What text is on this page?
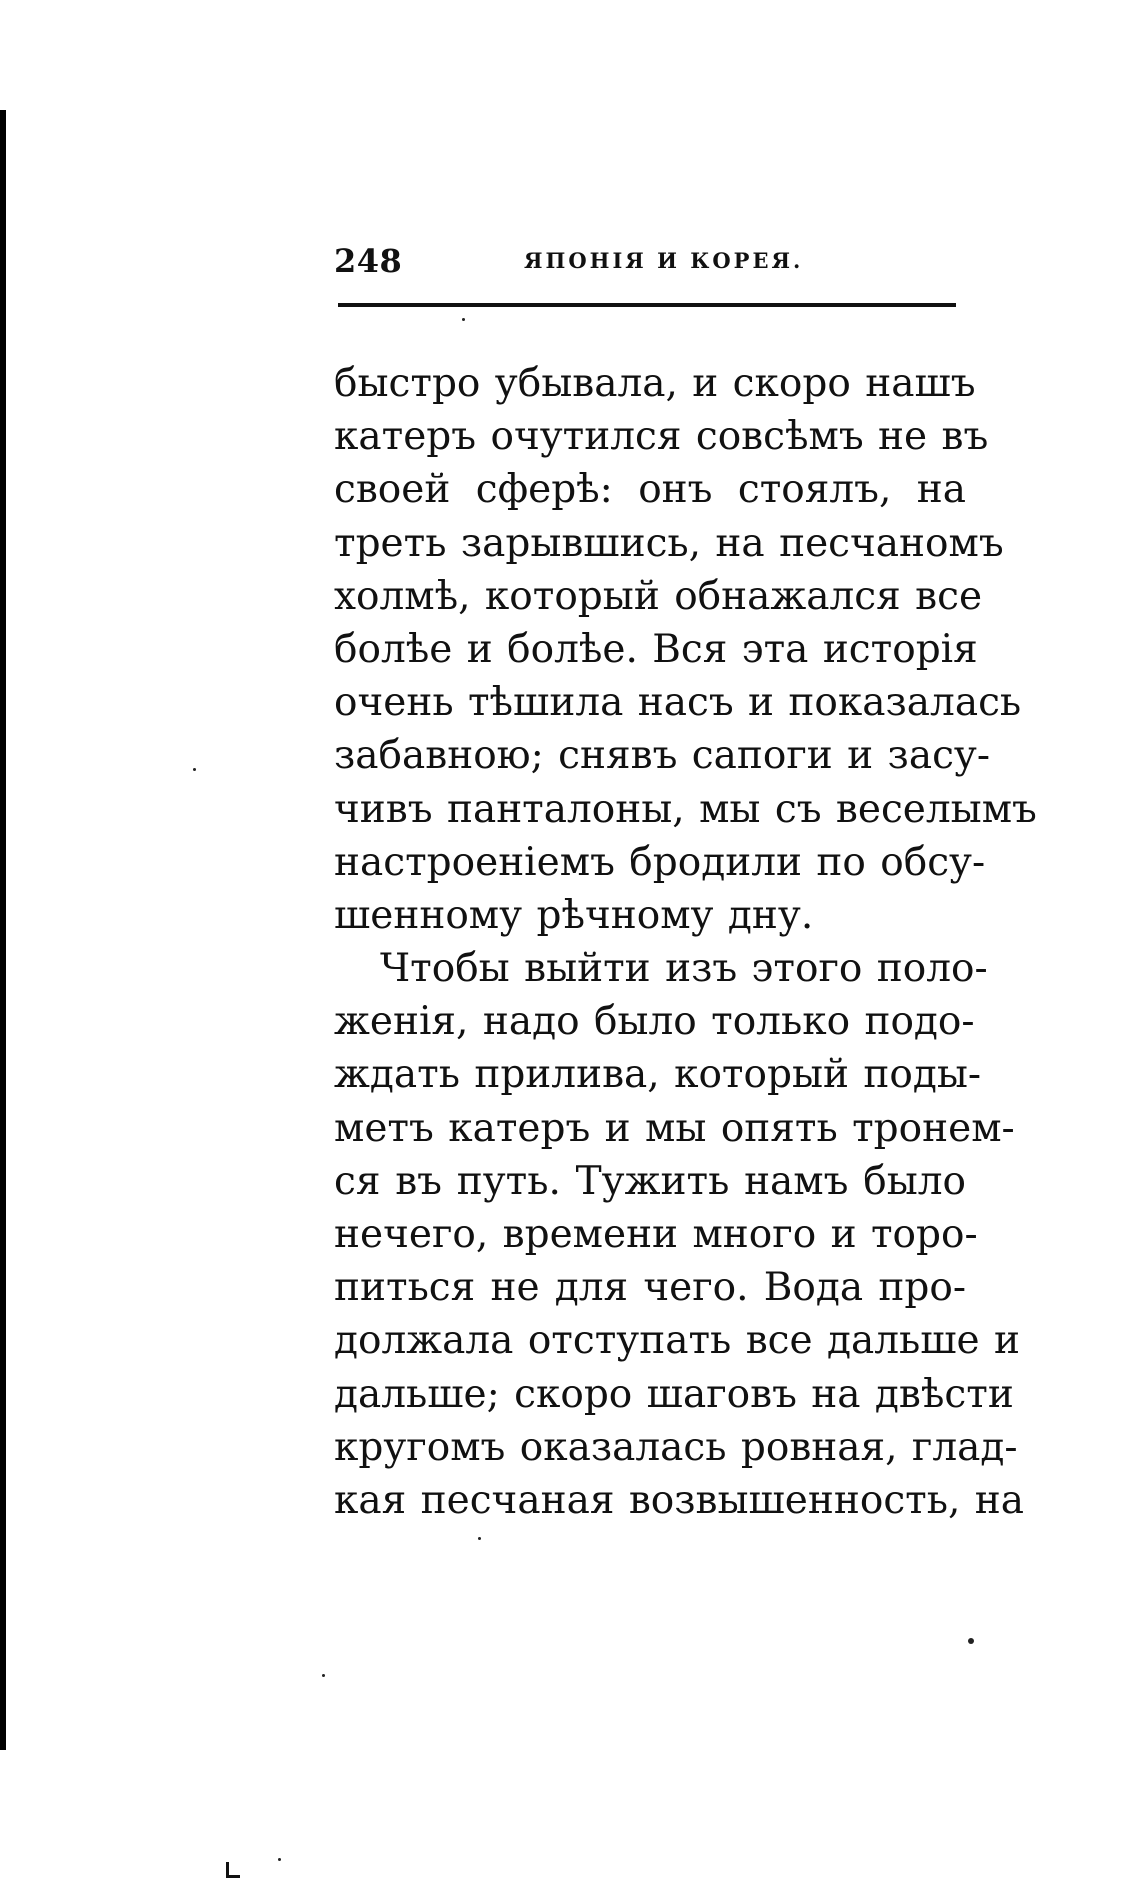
248	ЯПОНІЯ И КОРЕЯ.
быстро убывала, и скоро нашъ
катеръ очутился совсѣмъ не въ
своей сферѣ: онъ стоялъ, на
треть зарывшись, на песчаномъ
холмѣ, который обнажался все
болѣе и болѣе. Вся эта исторія
очень тѣшила насъ и показалась
забавною; снявъ сапоги и засу-
чивъ панталоны, мы съ веселымъ
настроеніемъ бродили по обсу-
шенному рѣчному дну.
Чтобы выйти изъ этого поло-
женія, надо было только подо-
ждать прилива, который поды-
метъ катеръ и мы опять тронем-
ся въ путь. Тужить намъ было
нечего, времени много и торо-
питься не для чего. Вода про-
должала отступать все дальше и
дальше; скоро шаговъ на двѣсти
кругомъ оказалась ровная, глад-
кая песчаная возвышенность, на
